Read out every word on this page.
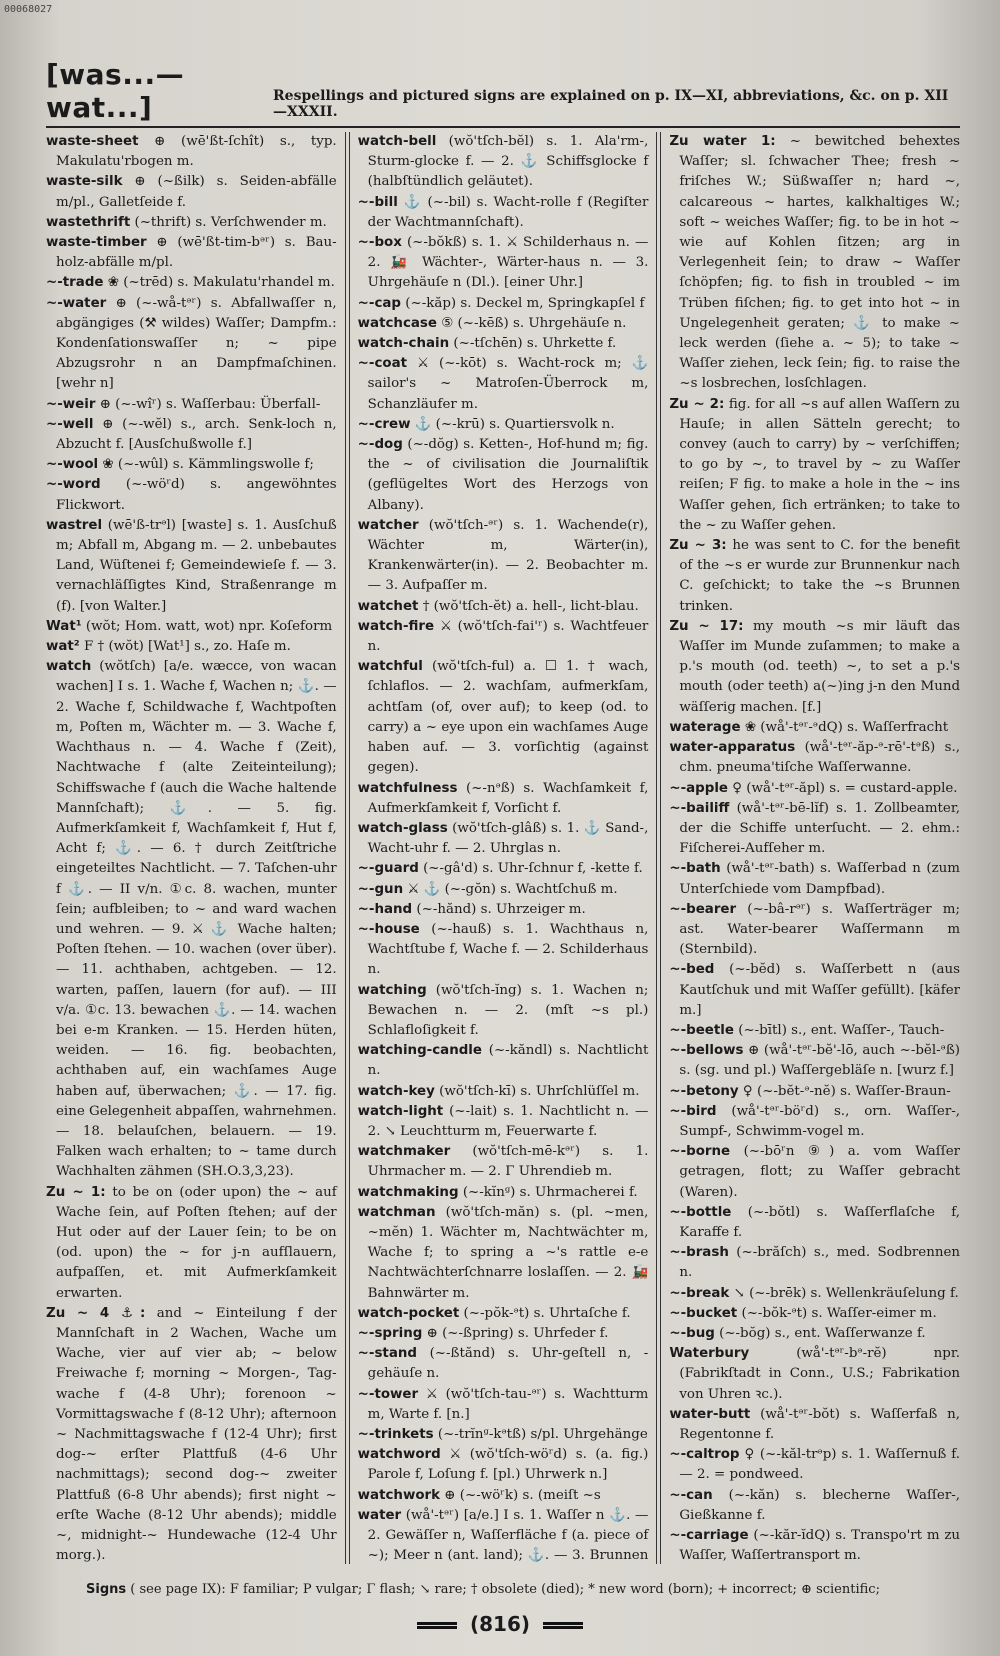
00068027
[was...—wat...]	Respellings and pictured signs are explained on p. IX—XI, abbreviations, &c. on p. XII—XXXII.

waste-sheet ⊕ (wē'ßt-ſchît) s., typ. Makulatu'rbogen m.

waste-silk ⊕ (~ßilk) s. Seiden-abfälle m/pl., Galletſeide f.

wastethrift (~thrift) s. Verſchwender m.

waste-timber ⊕ (wē'ßt-tim-bᵊʳ) s. Bau-holz-abfälle m/pl.

~-trade ❀ (~trēd) s. Makulatu'rhandel m.

~-water ⊕ (~-wå-tᵊʳ) s. Abfallwaſſer n, abgängiges (⚒ wildes) Waſſer; Dampfm.: Kondenſationswaſſer n; ~ pipe Abzugsrohr n an Dampfmaſchinen. [wehr n]

~-weir ⊕ (~-wîʳ) s. Waſſerbau: Überfall-

~-well ⊕ (~-wĕl) s., arch. Senk-loch n, Abzucht f. [Ausſchußwolle f.]

~-wool ❀ (~-wûl) s. Kämmlingswolle f;

~-word (~-wöʳd) s. angewöhntes Flickwort.

wastrel (wē'ß-trᵊl) [waste] s. 1. Ausſchuß m; Abfall m, Abgang m. — 2. unbebautes Land, Wüſtenei f; Gemeindewieſe f. — 3. vernachläſſigtes Kind, Straßenrange m (f). [von Walter.]

Wat¹ (wŏt; Hom. watt, wot) npr. Koſeform

wat² F † (wŏt) [Wat¹] s., zo. Haſe m.

watch (wŏtſch) [a/e. wæcce, von wacan wachen] I s. 1. Wache f, Wachen n; ⚓. — 2. Wache f, Schildwache f, Wachtpoſten m, Poſten m, Wächter m. — 3. Wache f, Wachthaus n. — 4. Wache f (Zeit), Nachtwache f (alte Zeiteinteilung); Schiffswache f (auch die Wache haltende Mannſchaft); ⚓. — 5. fig. Aufmerkſamkeit f, Wachſamkeit f, Hut f, Acht f; ⚓. — 6. † durch Zeitſtriche eingeteiltes Nachtlicht. — 7. Taſchen-uhr f ⚓. — II v/n. ①c. 8. wachen, munter ſein; aufbleiben; to ~ and ward wachen und wehren. — 9. ⚔ ⚓ Wache halten; Poſten ſtehen. — 10. wachen (over über). — 11. achthaben, achtgeben. — 12. warten, paſſen, lauern (for auf). — III v/a. ①c. 13. bewachen ⚓. — 14. wachen bei e-m Kranken. — 15. Herden hüten, weiden. — 16. fig. beobachten, achthaben auf, ein wachſames Auge haben auf, überwachen; ⚓. — 17. fig. eine Gelegenheit abpaſſen, wahrnehmen. — 18. belauſchen, belauern. — 19. Falken wach erhalten; to ~ tame durch Wachhalten zähmen (SH.O.3,3,23).

Zu ~ 1: to be on (oder upon) the ~ auf Wache ſein, auf Poſten ſtehen; auf der Hut oder auf der Lauer ſein; to be on (od. upon) the ~ for j-n aufſlauern, aufpaſſen, et. mit Aufmerkſamkeit erwarten.

Zu ~ 4 ⚓: and ~ Einteilung f der Mannſchaft in 2 Wachen, Wache um Wache, vier auf vier ab; ~ below Freiwache f; morning ~ Morgen-, Tag-wache f (4-8 Uhr); forenoon ~ Vormittagswache f (8-12 Uhr); afternoon ~ Nachmittagswache f (12-4 Uhr); first dog-~ erſter Plattfuß (4-6 Uhr nachmittags); second dog-~ zweiter Plattfuß (6-8 Uhr abends); first night ~ erſte Wache (8-12 Uhr abends); middle ~, midnight-~ Hundewache (12-4 Uhr morg.).

watch-bell (wŏ'tſch-bĕl) s. 1. Ala'rm-, Sturm-glocke f. — 2. ⚓ Schiffsglocke f (halbſtündlich geläutet).

~-bill ⚓ (~-bil) s. Wacht-rolle f (Regiſter der Wachtmannſchaft).

~-box (~-bŏkß) s. 1. ⚔ Schilderhaus n. — 2. 🚂 Wächter-, Wärter-haus n. — 3. Uhrgehäuſe n (Dl.). [einer Uhr.]

~-cap (~-kăp) s. Deckel m, Springkapſel f

watchcase ⑤ (~-kēß) s. Uhrgehäuſe n.

watch-chain (~-tſchēn) s. Uhrkette f.

~-coat ⚔ (~-kōt) s. Wacht-rock m; ⚓ sailor's ~ Matroſen-Überrock m, Schanzläufer m.

~-crew ⚓ (~-krū) s. Quartiersvolk n.

~-dog (~-dŏg) s. Ketten-, Hof-hund m; fig. the ~ of civilisation die Journaliſtik (geflügeltes Wort des Herzogs von Albany).

watcher (wŏ'tſch-ᵊʳ) s. 1. Wachende(r), Wächter m, Wärter(in), Krankenwärter(in). — 2. Beobachter m. — 3. Aufpaſſer m.

watchet † (wŏ'tſch-ĕt) a. hell-, licht-blau.

watch-fire ⚔ (wŏ'tſch-fai'ʳ) s. Wachtfeuer n.

watchful (wŏ'tſch-ful) a. ☐ 1. † wach, ſchlaflos. — 2. wachſam, aufmerkſam, achtſam (of, over auf); to keep (od. to carry) a ~ eye upon ein wachſames Auge haben auf. — 3. vorſichtig (against gegen).

watchfulness (~-nᵊß) s. Wachſamkeit f, Aufmerkſamkeit f, Vorſicht f.

watch-glass (wŏ'tſch-glâß) s. 1. ⚓ Sand-, Wacht-uhr f. — 2. Uhrglas n.

~-guard (~-gâ'd) s. Uhr-ſchnur f, -kette f.

~-gun ⚔ ⚓ (~-gŏn) s. Wachtſchuß m.

~-hand (~-hănd) s. Uhrzeiger m.

~-house (~-hauß) s. 1. Wachthaus n, Wachtſtube f, Wache f. — 2. Schilderhaus n.

watching (wŏ'tſch-ĭng) s. 1. Wachen n; Bewachen n. — 2. (mſt ~s pl.) Schlafloſigkeit f.

watching-candle (~-kăndl) s. Nachtlicht n.

watch-key (wŏ'tſch-kī) s. Uhrſchlüſſel m.

watch-light (~-lait) s. 1. Nachtlicht n. — 2. ↘ Leuchtturm m, Feuerwarte f.

watchmaker (wŏ'tſch-mē-kᵊʳ) s. 1. Uhrmacher m. — 2. Γ Uhrendieb m.

watchmaking (~-kĭnᵍ) s. Uhrmacherei f.

watchman (wŏ'tſch-măn) s. (pl. ~men, ~mĕn) 1. Wächter m, Nachtwächter m, Wache f; to spring a ~'s rattle e-e Nachtwächterſchnarre loslaſſen. — 2. 🚂 Bahnwärter m.

watch-pocket (~-pŏk-ᵊt) s. Uhrtaſche f.

~-spring ⊕ (~-ßpring) s. Uhrfeder f.

~-stand (~-ßtănd) s. Uhr-geſtell n, -gehäuſe n.

~-tower ⚔ (wŏ'tſch-tau-ᵊʳ) s. Wachtturm m, Warte f. [n.]

~-trinkets (~-trĭnᵍ-kᵊtß) s/pl. Uhrgehänge

watchword ⚔ (wŏ'tſch-wöʳd) s. (a. fig.) Parole f, Loſung f. [pl.) Uhrwerk n.]

watchwork ⊕ (~-wöʳk) s. (meiſt ~s

water (wå'-tᵊʳ) [a/e.] I s. 1. Waſſer n ⚓. — 2. Gewäſſer n, Waſſerfläche f (a. piece of ~); Meer n (ant. land); ⚓. — 3. Brunnen

Zu water 1: ~ bewitched behextes Waſſer; sl. ſchwacher Thee; fresh ~ friſches W.; Süßwaſſer n; hard ~, calcareous ~ hartes, kalkhaltiges W.; soft ~ weiches Waſſer; fig. to be in hot ~ wie auf Kohlen ſitzen; arg in Verlegenheit ſein; to draw ~ Waſſer ſchöpfen; fig. to fish in troubled ~ im Trüben fiſchen; fig. to get into hot ~ in Ungelegenheit geraten; ⚓ to make ~ leck werden (ſiehe a. ~ 5); to take ~ Waſſer ziehen, leck ſein; fig. to raise the ~s losbrechen, losſchlagen.

Zu ~ 2: fig. for all ~s auf allen Waſſern zu Hauſe; in allen Sätteln gerecht; to convey (auch to carry) by ~ verſchiffen; to go by ~, to travel by ~ zu Waſſer reiſen; F fig. to make a hole in the ~ ins Waſſer gehen, ſich ertränken; to take to the ~ zu Waſſer gehen.

Zu ~ 3: he was sent to C. for the benefit of the ~s er wurde zur Brunnenkur nach C. geſchickt; to take the ~s Brunnen trinken.

Zu ~ 17: my mouth ~s mir läuft das Waſſer im Munde zuſammen; to make a p.'s mouth (od. teeth) ~, to set a p.'s mouth (oder teeth) a(~)ing j-n den Mund wäſſerig machen. [f.]

waterage ❀ (wå'-tᵊʳ-ᵊdQ) s. Waſſerfracht

water-apparatus (wå'-tᵊʳ-ăp-ᵊ-rē'-tᵊß) s., chm. pneuma'tiſche Waſſerwanne.

~-apple ♀ (wå'-tᵊʳ-ăpl) s. = custard-apple.

~-bailiff (wå'-tᵊʳ-bē-lĭf) s. 1. Zollbeamter, der die Schiffe unterſucht. — 2. ehm.: Fiſcherei-Aufſeher m.

~-bath (wå'-tᵊʳ-bath) s. Waſſerbad n (zum Unterſchiede vom Dampfbad).

~-bearer (~-bâ-rᵊʳ) s. Waſſerträger m; ast. Water-bearer Waſſermann m (Sternbild).

~-bed (~-bĕd) s. Waſſerbett n (aus Kautſchuk und mit Waſſer gefüllt). [käfer m.]

~-beetle (~-bītl) s., ent. Waſſer-, Tauch-

~-bellows ⊕ (wå'-tᵊʳ-bĕ'-lō, auch ~-bĕl-ᵊß) s. (sg. und pl.) Waſſergebläſe n. [wurz f.]

~-betony ♀ (~-bĕt-ᵊ-nĕ) s. Waſſer-Braun-

~-bird (wå'-tᵊʳ-böʳd) s., orn. Waſſer-, Sumpf-, Schwimm-vogel m.

~-borne (~-bōʳn ⑨) a. vom Waſſer getragen, flott; zu Waſſer gebracht (Waren).

~-bottle (~-bŏtl) s. Waſſerflaſche f, Karaffe f.

~-brash (~-brăſch) s., med. Sodbrennen n.

~-break ↘ (~-brēk) s. Wellenkräuſelung f.

~-bucket (~-bŏk-ᵊt) s. Waſſer-eimer m.

~-bug (~-bŏg) s., ent. Waſſerwanze f.

Waterbury	(wå'-tᵊʳ-bᵊ-rĕ) npr. (Fabrikſtadt in Conn., U.S.; Fabrikation von Uhren ꝛc.).

water-butt (wå'-tᵊʳ-bŏt) s. Waſſerfaß n, Regentonne f.

~-caltrop ♀ (~-kăl-trᵊp) s. 1. Waſſernuß f. — 2. = pondweed.

~-can (~-kăn) s. blecherne Waſſer-, Gießkanne f.

~-carriage (~-kăr-ĭdQ) s. Transpo'rt m zu Waſſer, Waſſertransport m.

Signs ( see page IX): F familiar; P vulgar; Γ flash; ↘ rare; † obsolete (died); * new word (born); + incorrect; ⊕ scientific;
(816)
